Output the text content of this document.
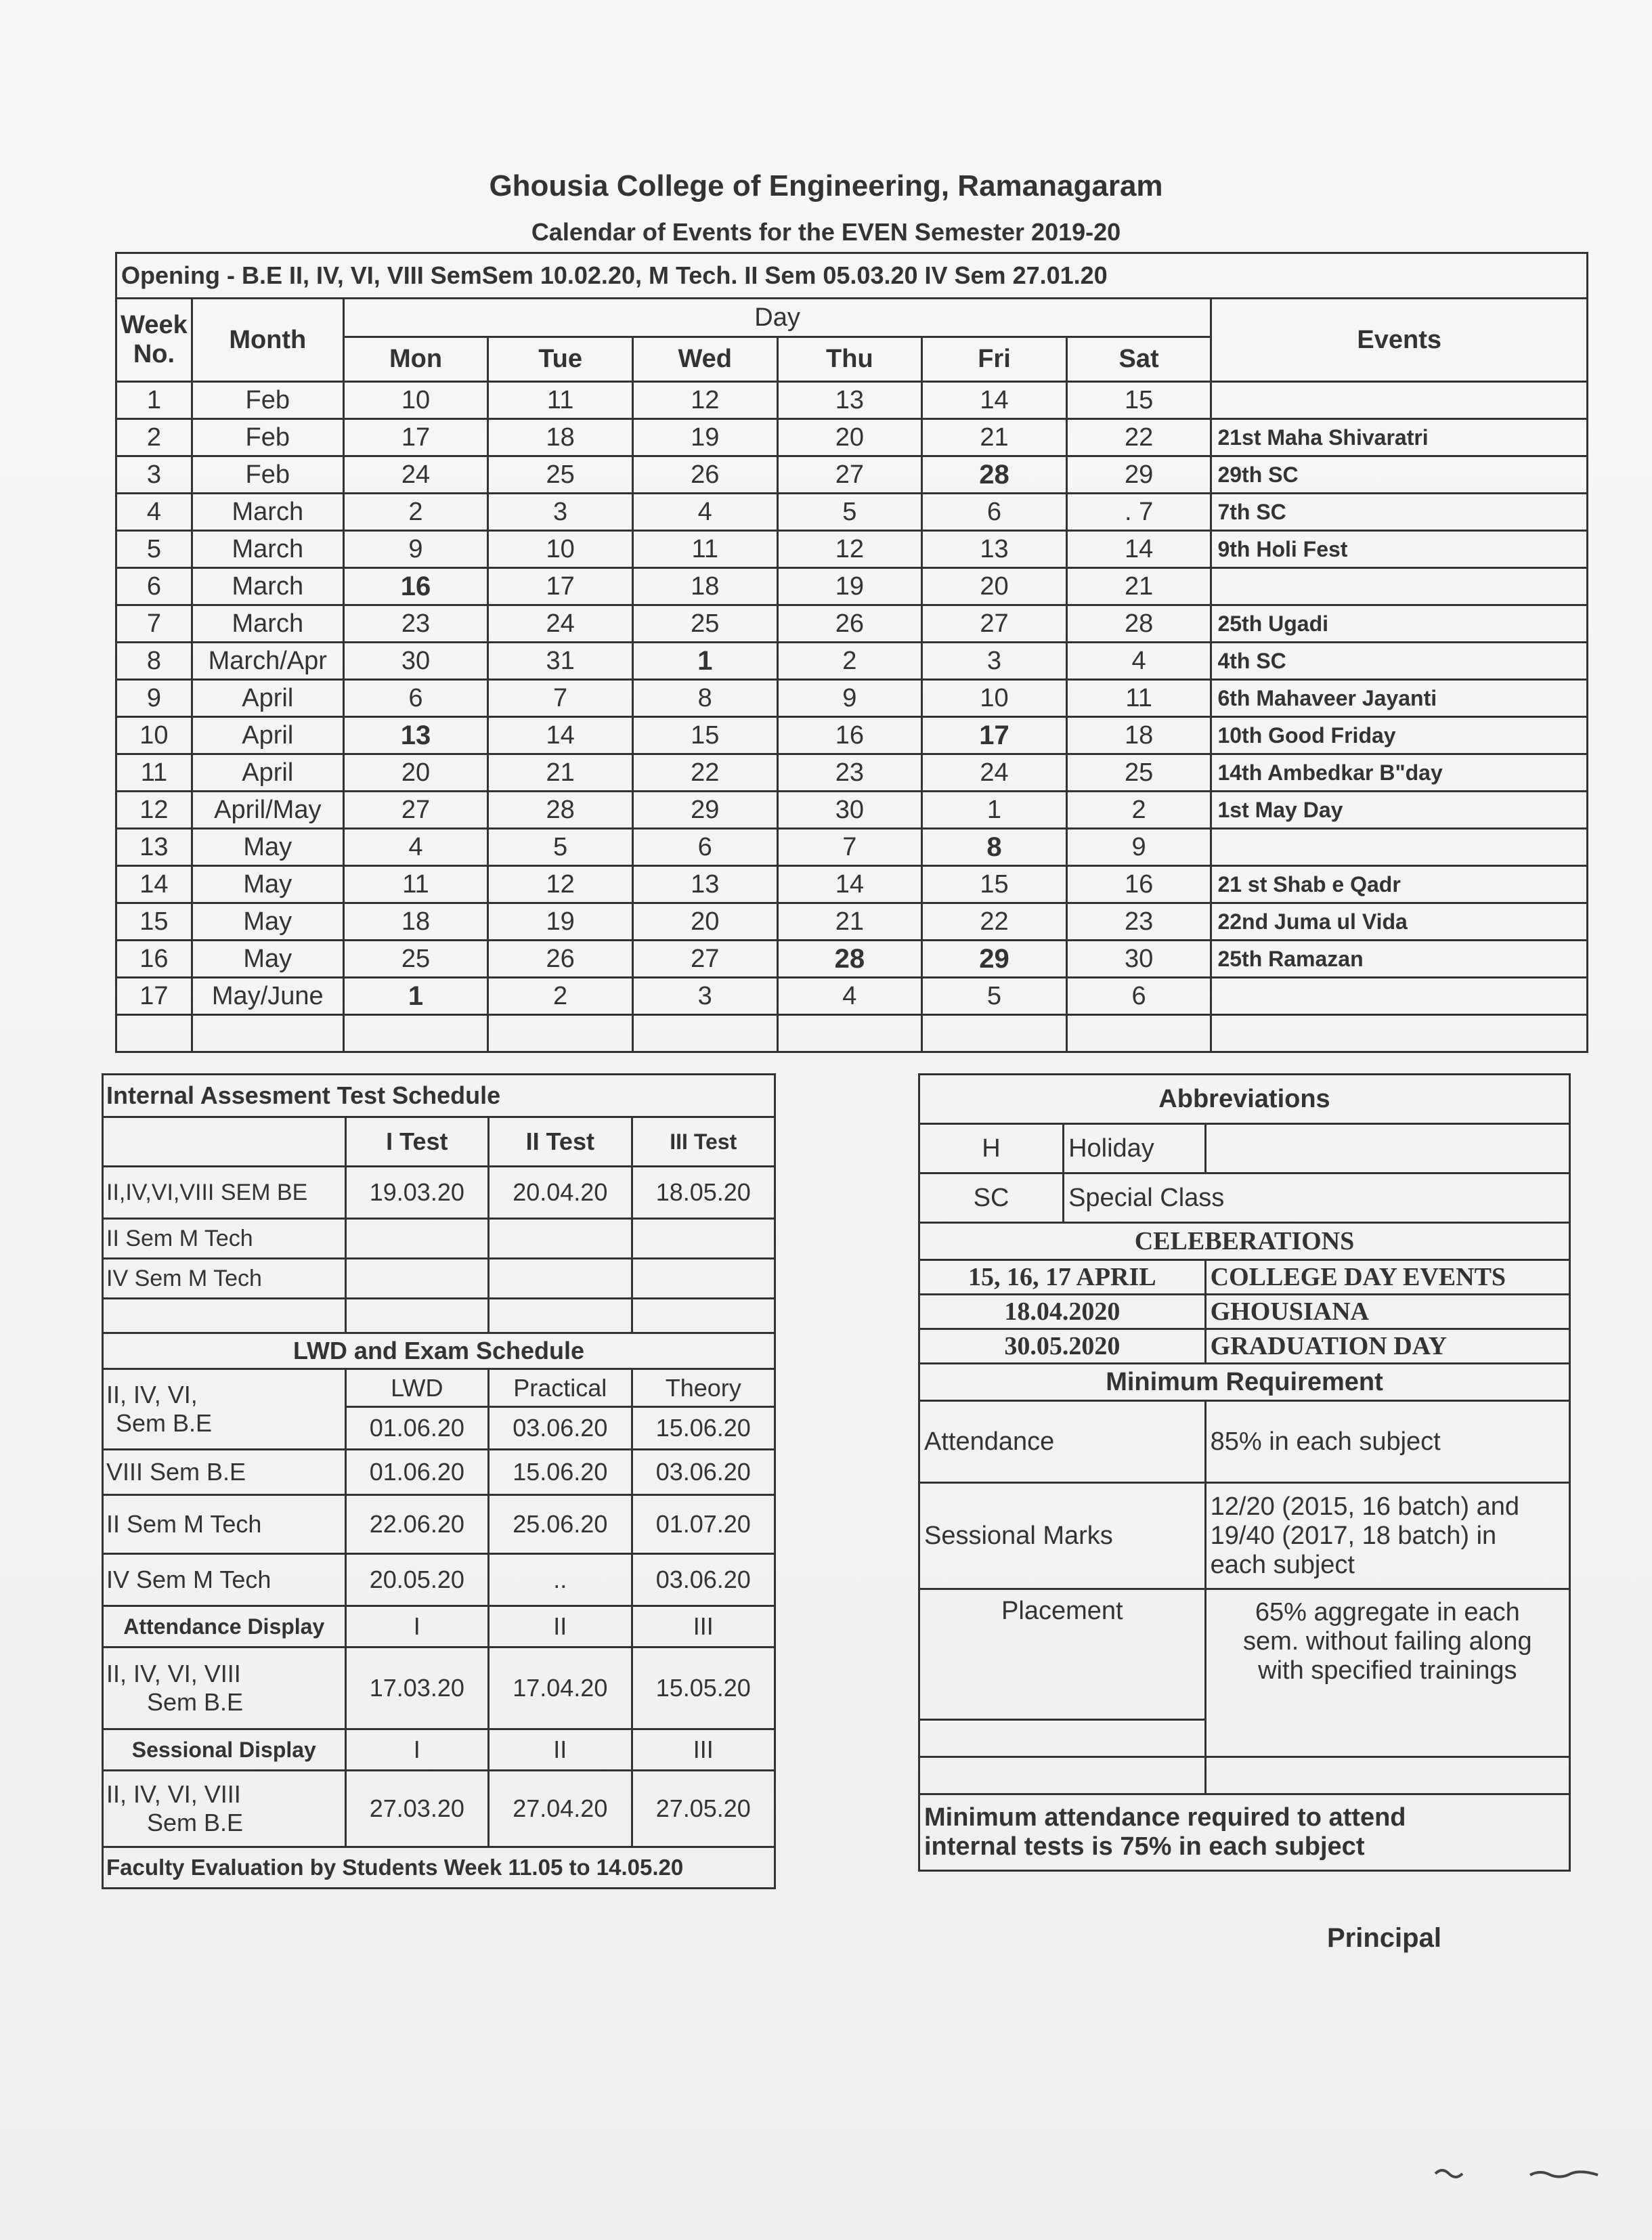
Ghousia College of Engineering, Ramanagaram
Calendar of Events for the EVEN Semester 2019-20
Opening - B.E II, IV, VI, VIII SemSem 10.02.20, M Tech. II Sem 05.03.20 IV Sem 27.01.20								
Week No.	Month	Day						Events
		Mon	Tue	Wed	Thu	Fri	Sat	
1	Feb	10	11	12	13	14	15	
2	Feb	17	18	19	20	21	22	21st Maha Shivaratri
3	Feb	24	25	26	27	28	29	29th SC
4	March	2	3	4	5	6	. 7	7th SC
5	March	9	10	11	12	13	14	9th Holi Fest
6	March	16	17	18	19	20	21	
7	March	23	24	25	26	27	28	25th Ugadi
8	March/Apr	30	31	1	2	3	4	4th SC
9	April	6	7	8	9	10	11	6th Mahaveer Jayanti
10	April	13	14	15	16	17	18	10th Good Friday
11	April	20	21	22	23	24	25	14th Ambedkar B"day
12	April/May	27	28	29	30	1	2	1st May Day
13	May	4	5	6	7	8	9	
14	May	11	12	13	14	15	16	21 st Shab e Qadr
15	May	18	19	20	21	22	23	22nd Juma ul Vida
16	May	25	26	27	28	29	30	25th Ramazan
17	May/June	1	2	3	4	5	6	

Internal Assesment Test Schedule			
	I Test	II Test	III Test
II,IV,VI,VIII SEM BE	19.03.20	20.04.20	18.05.20
II Sem M Tech			
IV Sem M Tech			

LWD and Exam Schedule			

II, IV, VI,
Sem B.E	LWD	Practical	Theory
	01.06.20	03.06.20	15.06.20
VIII Sem B.E	01.06.20	15.06.20	03.06.20
II Sem M Tech	22.06.20	25.06.20	01.07.20
IV Sem M Tech	20.05.20	..	03.06.20
Attendance Display	I	II	III

II, IV, VI, VIII
Sem B.E	17.03.20	17.04.20	15.05.20
Sessional Display	I	II	III

II, IV, VI, VIII
Sem B.E	27.03.20	27.04.20	27.05.20
Faculty Evaluation by Students Week 11.05 to 14.05.20			
Abbreviations		
H	Holiday	
SC	Special Class	
CELEBERATIONS		
15, 16, 17 APRIL		COLLEGE DAY EVENTS
18.04.2020		GHOUSIANA
30.05.2020		GRADUATION DAY
Minimum Requirement		
Attendance		85% in each subject
Sessional Marks		12/20 (2015, 16 batch) and
19/40 (2017, 18 batch) in
each subject

Placement		65% aggregate in each
sem. without failing along
with specified trainings

Minimum attendance required to attend
internal tests is 75% in each subject		
Principal
